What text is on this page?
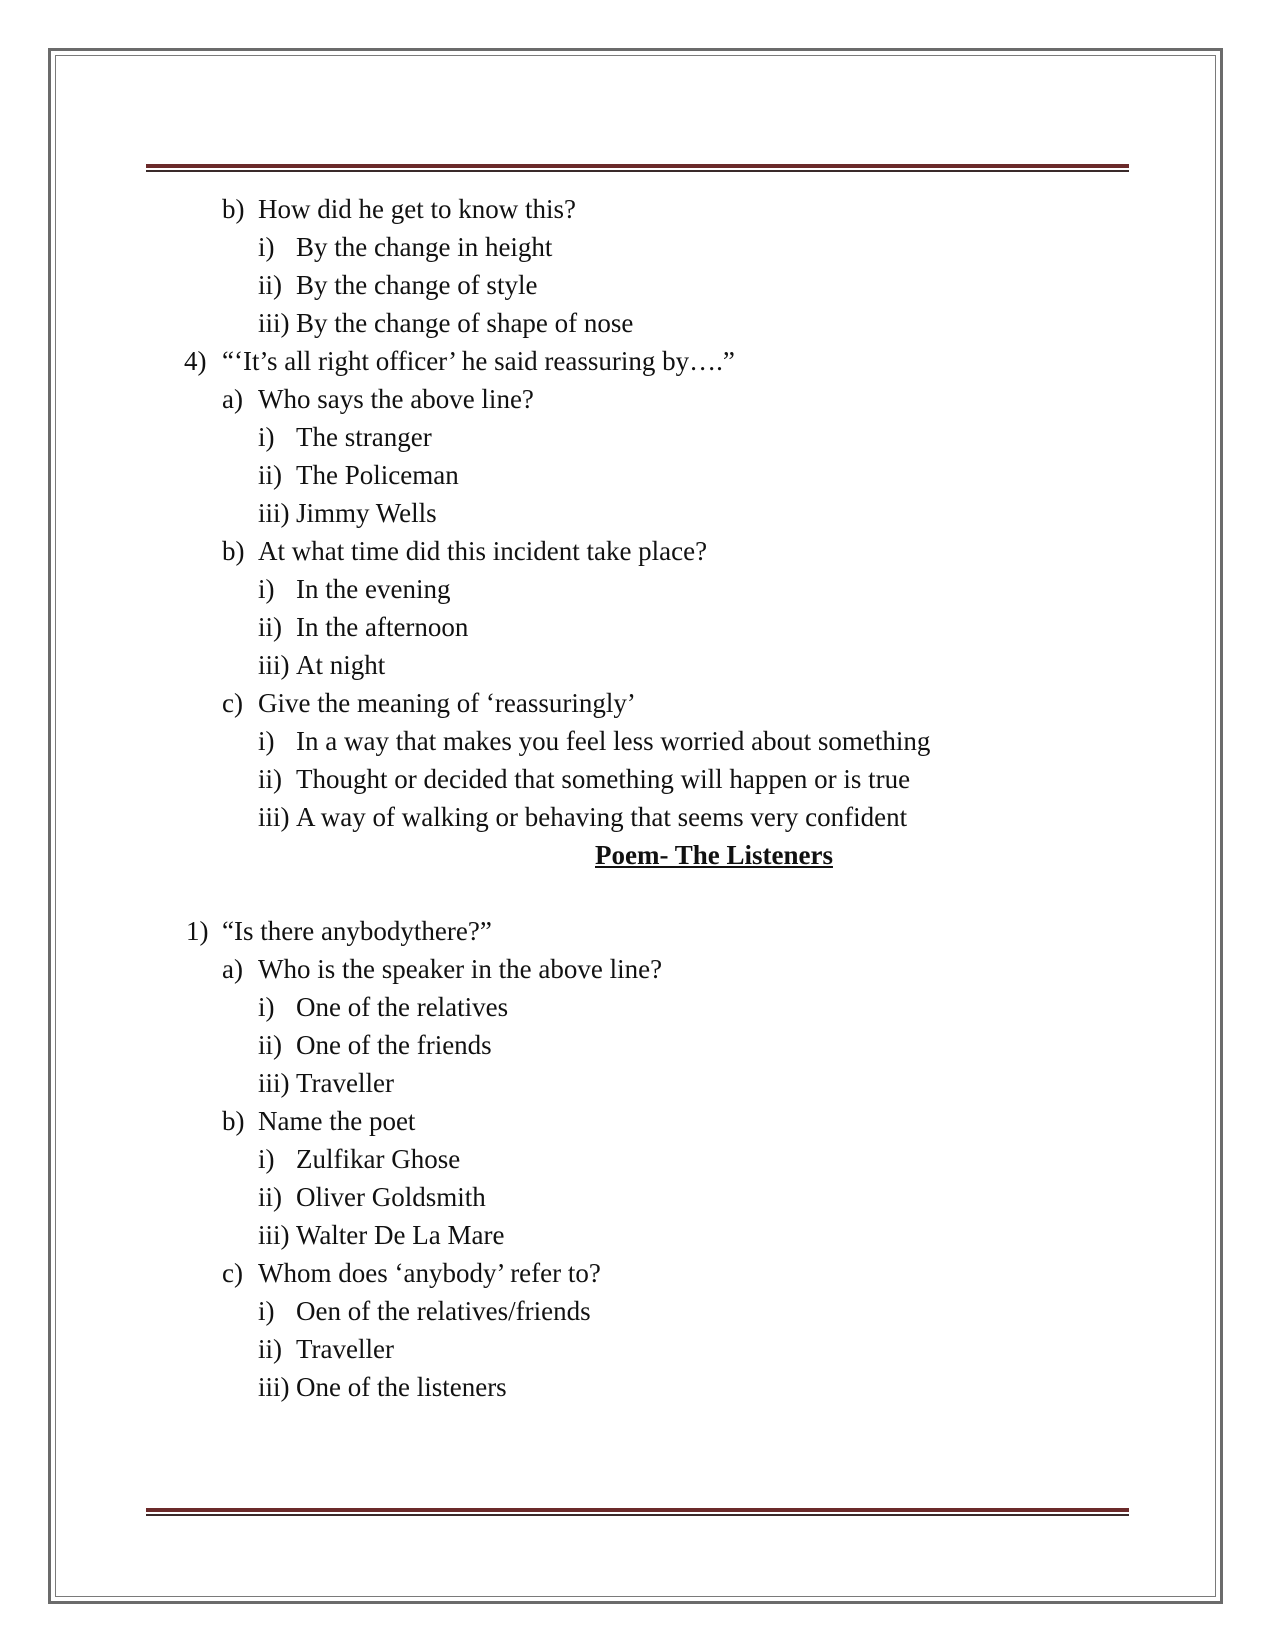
b) How did he get to know this?
i) By the change in height
ii) By the change of style
iii) By the change of shape of nose
4) “‘It’s all right officer’ he said reassuring by….”
a) Who says the above line?
i) The stranger
ii) The Policeman
iii) Jimmy Wells
b) At what time did this incident take place?
i) In the evening
ii) In the afternoon
iii) At night
c) Give the meaning of ‘reassuringly’
i) In a way that makes you feel less worried about something
ii) Thought or decided that something will happen or is true
iii) A way of walking or behaving that seems very confident
Poem- The Listeners
1) “Is there anybodythere?”
a) Who is the speaker in the above line?
i) One of the relatives
ii) One of the friends
iii) Traveller
b) Name the poet
i) Zulfikar Ghose
ii) Oliver Goldsmith
iii) Walter De La Mare
c) Whom does ‘anybody’ refer to?
i) Oen of the relatives/friends
ii) Traveller
iii) One of the listeners
